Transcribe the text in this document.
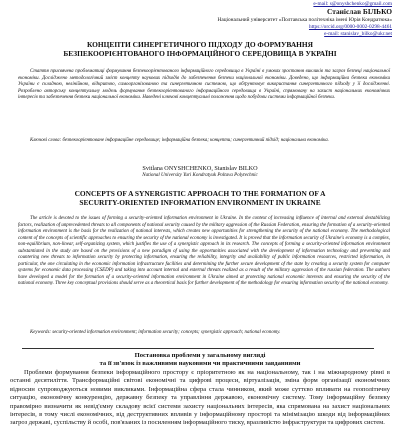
e-mail: s@onyshchenko@gmail.com
Станіслав БІЛЬКО
Національний університет «Полтавська політехніка імені Юрія Кондратюка»
https://orcid.org/0000-0002-0298-4461
e-mail: stanislav_bilko@ukr.net
КОНЦЕПТИ СИНЕРГЕТИЧНОГО ПІДХОДУ ДО ФОРМУВАННЯ
БЕЗПЕКООРІЄНТОВАНОГО ІНФОРМАЦІЙНОГО СЕРЕДОВИЩА В УКРАЇНІ

Стаття присвячена проблематиці формування безпекоорієнтованого інформаційного середовища в Україні в умовах зростання викликів та загроз безпеці національної економіки. Досліджено методологічний зміст концепту наукових підходів до забезпечення безпеки національної економіки. Доведено, що інформаційна безпека економіки України є складною, нелінійною, відкритою, самоорганізованою та синергетичною системою, що обґрунтовує використання синергетичного підходу у її дослідженні. Розроблено авторську концептуальну модель формування безпекоорієнтованого інформаційного середовища в Україні, спрямовану на захист національних економічних інтересів та забезпечення безпеки національної економіки. Наведені ключові концептуальні положення щодо побудови системи інформаційної безпеки.

Ключові слова: безпекоорієнтоване інформаційне середовище; інформаційна безпека; концепти; синергетичний підхід; національна економіка.

Svitlana ONYSHCHENKO, Stanislav BILKO
National University Yuri Kondratyuk Poltava Polytechnic
CONCEPTS OF A SYNERGISTIC APPROACH TO THE FORMATION OF A
SECURITY-ORIENTED INFORMATION ENVIRONMENT IN UKRAINE

The article is devoted to the issues of forming a security-oriented information environment in Ukraine. In the context of increasing influence of internal and external destabilizing factors, realization of unprecedented threats to all components of national security caused by the military aggression of the Russian Federation, ensuring the formation of a security-oriented information environment is the basis for the realization of national interests, which creates new opportunities for strengthening the security of the national economy. The methodological content of the concepts of scientific approaches to ensuring the security of the national economy is investigated. It is proved that the information security of Ukraine's economy is a complex, non-equilibrium, non-linear, self-organizing system, which justifies the use of a synergistic approach in its research. The concepts of forming a security-oriented information environment substantiated in the study are based on the provisions of a new paradigm of using the opportunities associated with the development of information technology and preventing and countering new threats to information security by protecting information, ensuring the reliability, integrity and availability of public information resources, restricted information, in particular, the one circulating in the economic information infrastructure facilities and determining the further secure development of the state by creating a security system for computer systems for economic data processing (CSEDP) and taking into account internal and external threats realized as a result of the military aggression of the russian federation. The authors have developed a model for the formation of a security-oriented information environment in Ukraine aimed at protecting national economic interests and ensuring the security of the national economy. Three key conceptual provisions should serve as a theoretical basis for further development of the methodology for ensuring information security of the national economy.

Keywords: security-oriented information environment; information security; concepts; synergistic approach; national economy.

Постановка проблеми у загальному вигляді
та її зв'язок із важливими науковими чи практичними завданнями

Проблеми формування безпеки інформаційного простору є пріоритетною як на національному, так і на міжнародному рівні в останні десятиліття. Трансформаційні світові економічні та цифрові процеси, віртуалізація, зміна форм організації економічних відносин супроводжуються новими викликами. Інформаційна сфера стала чинником, який може суттєво впливати на геополітичну ситуацію, економічну конкуренцію, державну безпеку та управління державою, економічну систему. Тому інформаційну безпеку правомірно визначити як невід'ємну складову всієї системи захисту національних інтересів, яка спрямована на захист національних інтересів, в тому числі економічних, від деструктивних впливів у інформаційному просторі та мінімізацію шкоди від інформаційних загроз державі, суспільству й особі, пов'язаних із посиленням інформаційного тиску, вразливістю інфраструктури та цифрових систем.
